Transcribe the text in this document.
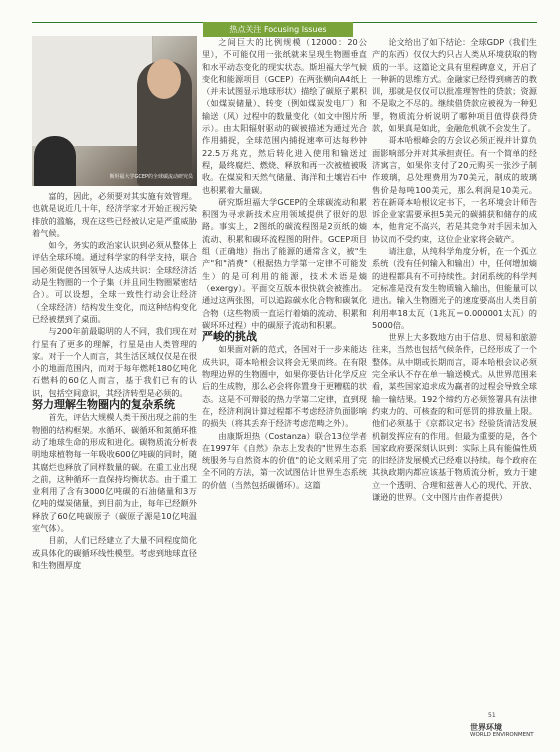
热点关注 Focusing Issues
斯坦福大学GCEP的全球碳流动研究员

富的，因此，必须要对其实施有效管理。也就是说近几十年，经济学家才开始正视污染排放的滥觞，现在这些已经被认定是严重威胁着气候。

如今，务实的政治家认识到必须从整体上评估全球环境。通过科学家的科学支持，联合国必须促使各国领导人达成共识：全球经济活动是生物圈的一个子集（并且同生物圈紧密结合）。可以设想，全球一致性行动会让经济（全球经济）结构发生变化，而这种结构变化已经被摆到了桌面。

与200年前最聪明的人不同，我们现在对行星有了更多的理解，行星是由人类管理的家。对于一个人而言，其生活区域仅仅是在很小的地面范围内，而对于每年燃耗180亿吨化石燃料的60亿人而言，基于我们已有的认识，包括空间意识，其经济转型是必须的。

努力理解生物圈内的复杂系统

首先，评估大规模人类干预出现之前的生物圈的结构框架。水循环、碳循环和氮循环推动了地球生命的形成和进化。碳物质流分析表明地球植物每一年吸收600亿吨碳的同时，随其腐烂也释放了同样数量的碳。在重工业出现之前，这种循环一直保持均衡状态。由于重工业利用了含有3000亿吨碳的石油储量和3万亿吨的煤炭储量，到目前为止，每年已经额外释放了60亿吨碳原子（碳原子源是10亿吨温室气体）。

目前，人们已经建立了大量不同程度简化或具体化的碳循环线性模型。考虑到地球直径和生物圈厚度

之间巨大的比例规模（12000：20公里），不可能仅用一张纸就来呈现生物圈垂直和水平动态变化的现实状态。斯坦福大学气候变化和能源项目（GCEP）在两张横向A4纸上（并未试图显示地球形状）描绘了碳原子累积（如煤炭储量）、转变（例如煤炭发电厂）和输送（风）过程中的数量变化（如文中图片所示）。由太阳辐射驱动的碳被描述为通过光合作用捕捉，全球范围内捕捉速率可达每秒钟22.5万兆克，然后转化进入使用和输送过程，最终腐烂、燃烧、释放和再一次被植被吸收。在煤炭和天然气储量、海洋和土壤岩石中也积累着大量碳。

研究斯坦福大学GCEP的全球碳流动和累积图为寻求新技术应用领域提供了很好的思路。事实上，2图纸的碳流程图是2页纸的熵流动、积累和碳环流程图的附件。GCEP项目组（正确地）指出了能源的通常含义，被"生产"和"消费"（根据热力学第一定律不可能发生）的是可利用的能源，技术术语是熵（exergy）。平面交互版本很快就会被推出。通过这两张图，可以追踪碳水化合物和碳氧化合物（这些物质一直运行着熵的流动、积累和碳环环过程）中的碳原子流动和积累。

严峻的挑战

如果面对新的范式，各国对于一步来能达成共识，哥本哈根会议将会无果而终。在有限物理边界的生物圈中，如果你要估计化学反应后的生成物，那么必会将你置身于更糟糕的状态。这是不可辩驳的热力学第二定律，直到现在，经济利润计算过程都不考虑经济负面影响的损失（将其丢弃于经济考虑范畴之外）。

由康斯坦热（Costanza）联合13位学者在1997年《自然》杂志上发表的"世界生态系统服务与自然资本的价值"的论文则采用了完全不同的方法，第一次试图估计世界生态系统的价值（当然包括碳循环）。这篇

论文给出了如下结论：全球GDP（我们生产的东西）仅仅大约只占人类从环境获取的物质的一半。这篇论文具有里程碑意义，开启了一种新的思维方式。金融家已经得到痛苦的教训，那就是仅仅可以批准理智性的贷款；资源不是取之不尽的。继续借贷款应被视为一种犯罪，物质流分析说明了哪种项目值得获得贷款，如果真是如此，金融危机就不会发生了。

哥本哈根峰会的方会议必须正视并计算负面影响部分并对其承担责任。有一个简单的经济寓言，如果你支付了20元购买一张沙子制作玻璃，总处理费用为70美元，制成的玻璃售价是每吨100美元，那么利润是10美元。若在新哥本哈根议定书下，一名环境会计师告诉企业家需要承担5美元的碳捕获和储存的成本，他肯定不高兴，若是其竞争对手因未加入协议而不受约束，这位企业家将会破产。

请注意，从纯科学角度分析，在一个孤立系统（没有任何输入和输出）中，任何增加熵的进程都具有不可持续性。封闭系统的科学判定标准是没有发生物质输入输出，但能量可以进出。输入生物圈光子的速度要高出人类目前利用率18太瓦（1兆瓦＝0.000001太瓦）的5000倍。

世界上大多数地方由于信息、贸易和旅游往来，当然也包括气候条件，已经形成了一个整体。从中期或长期而言，哥本哈根会议必须完全承认不存在单一输送模式。从世界范围来看，某些国家追求成为赢者的过程会导致全球输一输结果。192个缔约方必须签署具有法律约束力的、可核查的和可惩罚的排放量上限。他们必须基于《京都议定书》经验货清洁发展机制发挥应有的作用。但最为重要的是，各个国家政府要深刻认识到：实际上具有能偏性质的旧经济发展模式已经难以持续。每个政府在其执政期内都应该基于物质流分析，致力于建立一个透明、合理和兹善人心的现代、开放、谦逊的世界。（文中图片由作者提供）

51
世界环境
WORLD ENVIRONMENT
